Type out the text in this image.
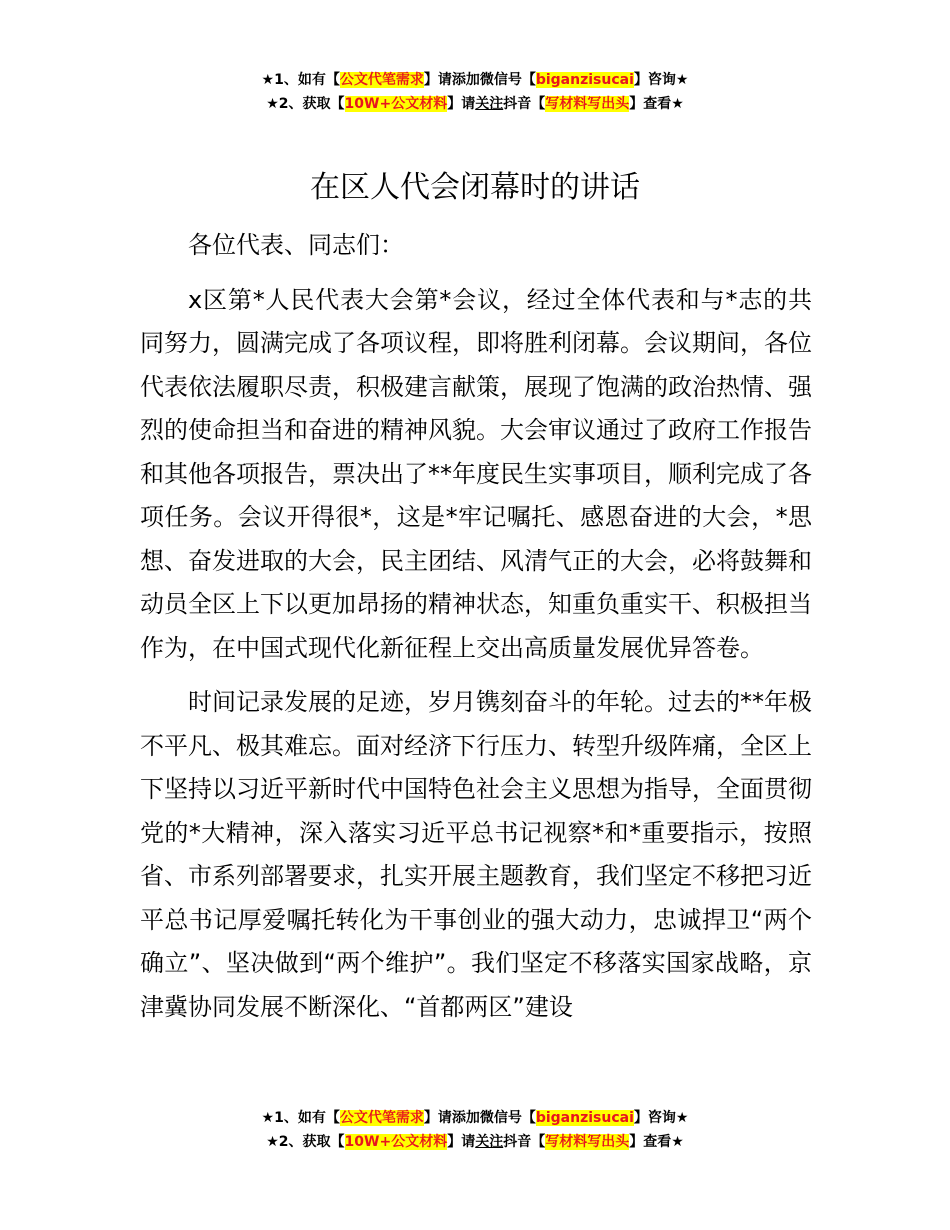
★1、如有【公文代笔需求】请添加微信号【biganzisucai】咨询★
★2、获取【10W+公文材料】请关注抖音【写材料写出头】查看★
在区人代会闭幕时的讲话

各位代表、同志们：

x区第*人民代表大会第*会议，经过全体代表和与*志的共同努力，圆满完成了各项议程，即将胜利闭幕。会议期间，各位代表依法履职尽责，积极建言献策，展现了饱满的政治热情、强烈的使命担当和奋进的精神风貌。大会审议通过了政府工作报告和其他各项报告，票决出了**年度民生实事项目，顺利完成了各项任务。会议开得很*，这是*牢记嘱托、感恩奋进的大会，*思想、奋发进取的大会，民主团结、风清气正的大会，必将鼓舞和动员全区上下以更加昂扬的精神状态，知重负重实干、积极担当作为，在中国式现代化新征程上交出高质量发展优异答卷。

时间记录发展的足迹，岁月镌刻奋斗的年轮。过去的**年极不平凡、极其难忘。面对经济下行压力、转型升级阵痛，全区上下坚持以习近平新时代中国特色社会主义思想为指导，全面贯彻党的*大精神，深入落实习近平总书记视察*和*重要指示，按照省、市系列部署要求，扎实开展主题教育，我们坚定不移把习近平总书记厚爱嘱托转化为干事创业的强大动力，忠诚捍卫“两个确立”、坚决做到“两个维护”。我们坚定不移落实国家战略，京津冀协同发展不断深化、“首都两区”建设

★1、如有【公文代笔需求】请添加微信号【biganzisucai】咨询★
★2、获取【10W+公文材料】请关注抖音【写材料写出头】查看★
